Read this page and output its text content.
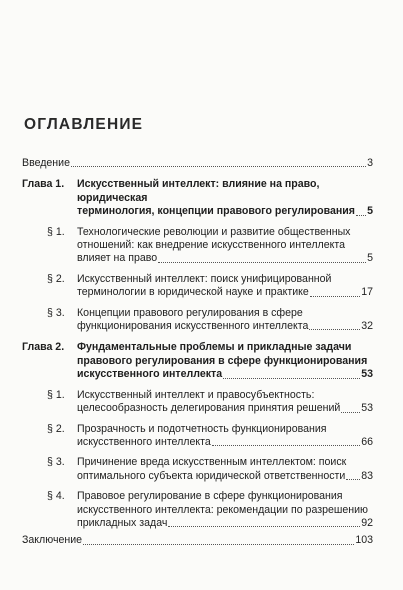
ОГЛАВЛЕНИЕ
Введение	3
Глава 1.	Искусственный интеллект: влияние на право, юридическая
терминология, концепции правового регулирования 5
§ 1.	Технологические революции и развитие общественных
отношений: как внедрение искусственного интеллекта
влияет на право	5
§ 2.	Искусственный интеллект: поиск унифицированной
терминологии в юридической науке и практике	17
§ 3.	Концепции правового регулирования в сфере
функционирования искусственного интеллекта	32
Глава 2.	Фундаментальные проблемы и прикладные задачи
правового регулирования в сфере функционирования
искусственного интеллекта	53
§ 1.	Искусственный интеллект и правосубъектность:
целесообразность делегирования принятия решений 53
§ 2.	Прозрачность и подотчетность функционирования
искусственного интеллекта	66
§ 3.	Причинение вреда искусственным интеллектом: поиск
оптимального субъекта юридической ответственности 83
§ 4.	Правовое регулирование в сфере функционирования
искусственного интеллекта: рекомендации по разрешению
прикладных задач	92
Заключение	103
